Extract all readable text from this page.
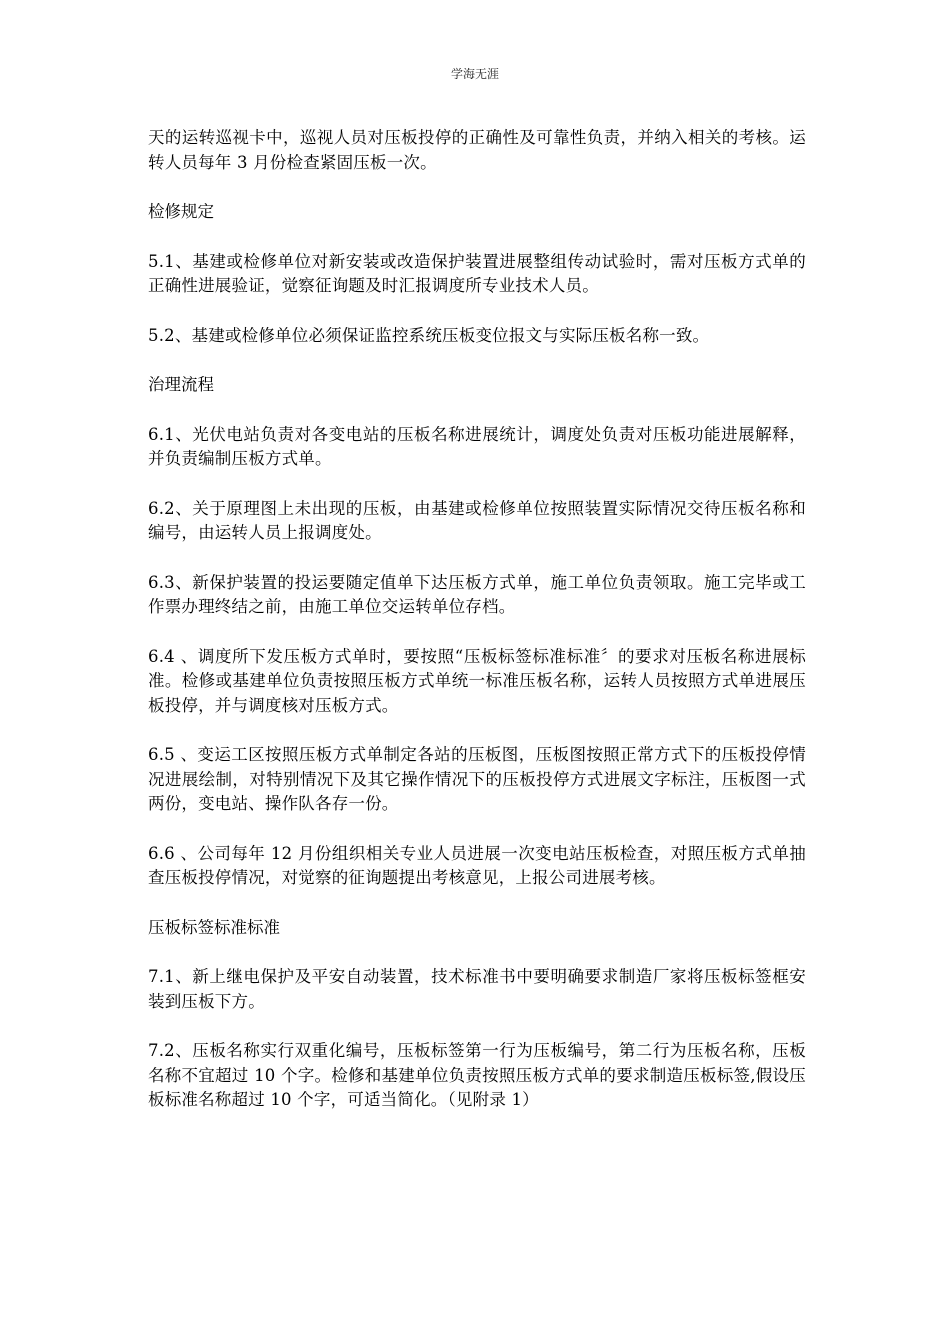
学海无涯

天的运转巡视卡中，巡视人员对压板投停的正确性及可靠性负责，并纳入相关的考核。运转人员每年 3 月份检查紧固压板一次。

检修规定

5.1、基建或检修单位对新安装或改造保护装置进展整组传动试验时，需对压板方式单的正确性进展验证，觉察征询题及时汇报调度所专业技术人员。

5.2、基建或检修单位必须保证监控系统压板变位报文与实际压板名称一致。

治理流程

6.1、光伏电站负责对各变电站的压板名称进展统计，调度处负责对压板功能进展解释，并负责编制压板方式单。

6.2、关于原理图上未出现的压板，由基建或检修单位按照装置实际情况交待压板名称和编号，由运转人员上报调度处。

6.3、新保护装置的投运要随定值单下达压板方式单，施工单位负责领取。施工完毕或工作票办理终结之前，由施工单位交运转单位存档。

6.4 、调度所下发压板方式单时，要按照“压板标签标准标准〞的要求对压板名称进展标准。检修或基建单位负责按照压板方式单统一标准压板名称，运转人员按照方式单进展压板投停，并与调度核对压板方式。

6.5 、变运工区按照压板方式单制定各站的压板图，压板图按照正常方式下的压板投停情况进展绘制，对特别情况下及其它操作情况下的压板投停方式进展文字标注，压板图一式两份，变电站、操作队各存一份。

6.6 、公司每年 12 月份组织相关专业人员进展一次变电站压板检查，对照压板方式单抽查压板投停情况，对觉察的征询题提出考核意见，上报公司进展考核。

压板标签标准标准

7.1、新上继电保护及平安自动装置，技术标准书中要明确要求制造厂家将压板标签框安装到压板下方。

7.2、压板名称实行双重化编号，压板标签第一行为压板编号，第二行为压板名称，压板名称不宜超过 10 个字。检修和基建单位负责按照压板方式单的要求制造压板标签,假设压板标准名称超过 10 个字，可适当简化。（见附录 1）
